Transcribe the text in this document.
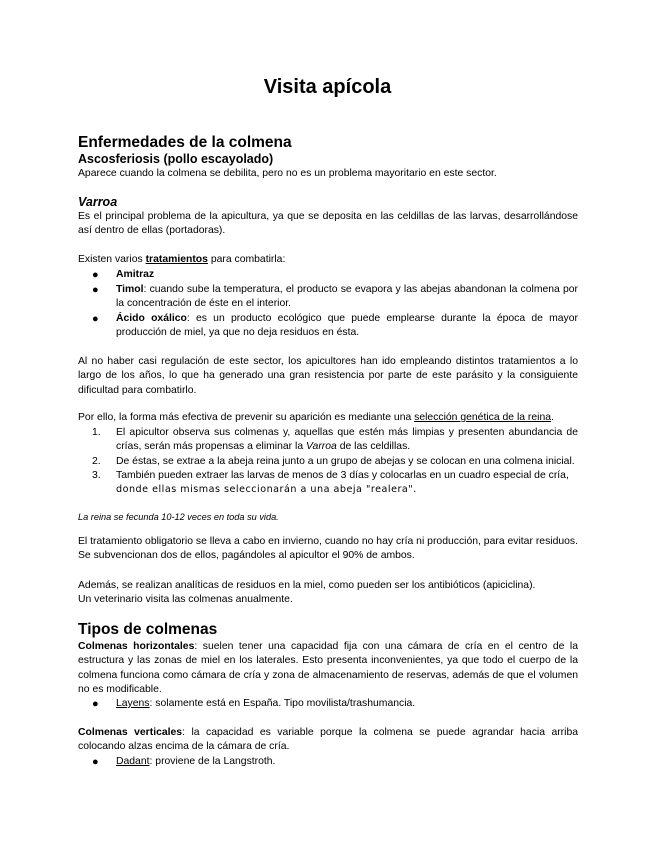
Visita apícola
Enfermedades de la colmena
Ascosferiosis (pollo escayolado)

Aparece cuando la colmena se debilita, pero no es un problema mayoritario en este sector.

Varroa

Es el principal problema de la apicultura, ya que se deposita en las celdillas de las larvas, desarrollándose así dentro de ellas (portadoras).

Existen varios tratamientos para combatirla:

●	Amitraz
●	Timol: cuando sube la temperatura, el producto se evapora y las abejas abandonan la colmena por la concentración de éste en el interior.
●	Ácido oxálico: es un producto ecológico que puede emplearse durante la época de mayor producción de miel, ya que no deja residuos en ésta.

Al no haber casi regulación de este sector, los apicultores han ido empleando distintos tratamientos a lo largo de los años, lo que ha generado una gran resistencia por parte de este parásito y la consiguiente dificultad para combatirlo.

Por ello, la forma más efectiva de prevenir su aparición es mediante una selección genética de la reina.

1.	El apicultor observa sus colmenas y, aquellas que estén más limpias y presenten abundancia de crías, serán más propensas a eliminar la Varroa de las celdillas.
2.	De éstas, se extrae a la abeja reina junto a un grupo de abejas y se colocan en una colmena inicial.
3.	También pueden extraer las larvas de menos de 3 días y colocarlas en un cuadro especial de cría,
donde ellas mismas seleccionarán a una abeja "realera".

La reina se fecunda 10-12 veces en toda su vida.

El tratamiento obligatorio se lleva a cabo en invierno, cuando no hay cría ni producción, para evitar residuos. Se subvencionan dos de ellos, pagándoles al apicultor el 90% de ambos.

Además, se realizan analíticas de residuos en la miel, como pueden ser los antibióticos (apiciclina).

Un veterinario visita las colmenas anualmente.

Tipos de colmenas

Colmenas horizontales: suelen tener una capacidad fija con una cámara de cría en el centro de la estructura y las zonas de miel en los laterales. Esto presenta inconvenientes, ya que todo el cuerpo de la colmena funciona como cámara de cría y zona de almacenamiento de reservas, además de que el volumen no es modificable.

●	Layens: solamente está en España. Tipo movilista/trashumancia.

Colmenas verticales: la capacidad es variable porque la colmena se puede agrandar hacia arriba colocando alzas encima de la cámara de cría.

●	Dadant: proviene de la Langstroth.
